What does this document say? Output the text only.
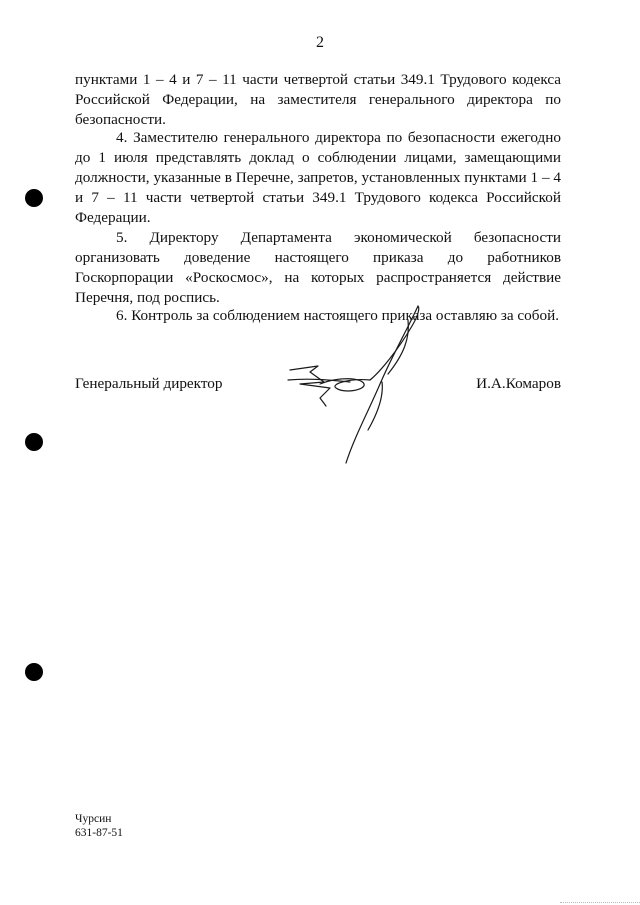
2

пунктами 1 – 4 и 7 – 11 части четвертой статьи 349.1 Трудового кодекса Российской Федерации, на заместителя генерального директора по безопасности.

4. Заместителю генерального директора по безопасности ежегодно до 1 июля представлять доклад о соблюдении лицами, замещающими должности, указанные в Перечне, запретов, установленных пунктами 1 – 4 и 7 – 11 части четвертой статьи 349.1 Трудового кодекса Российской Федерации.

5. Директору Департамента экономической безопасности организовать доведение настоящего приказа до работников Госкорпорации «Роскосмос», на которых распространяется действие Перечня, под роспись.

6. Контроль за соблюдением настоящего приказа оставляю за собой.

Генеральный директор	И.А.Комаров
Чурсин
631-87-51
